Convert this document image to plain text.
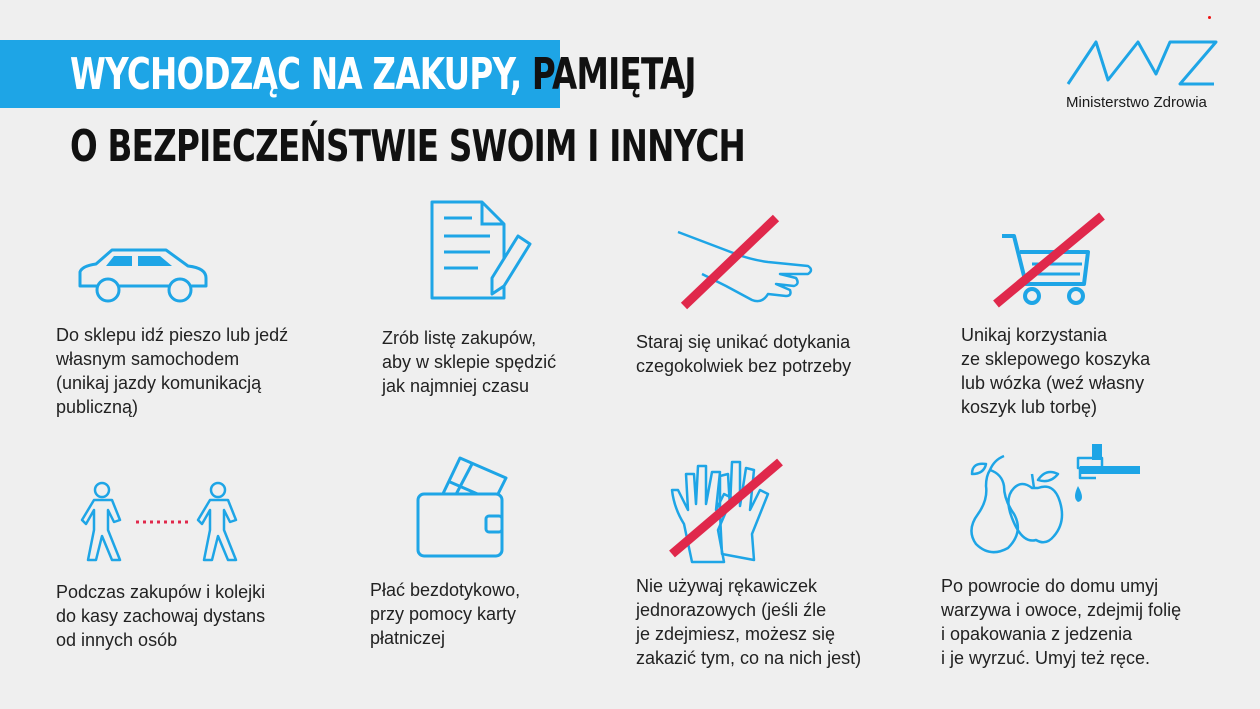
WYCHODZĄC NA ZAKUPY, PAMIĘTAJ
O BEZPIECZEŃSTWIE SWOIM I INNYCH
Ministerstwo Zdrowia
Do sklepu idź pieszo lub jedź
własnym samochodem
(unikaj jazdy komunikacją
publiczną)
Zrób listę zakupów,
aby w sklepie spędzić
jak najmniej czasu
Staraj się unikać dotykania
czegokolwiek bez potrzeby
Unikaj korzystania
ze sklepowego koszyka
lub wózka (weź własny
koszyk lub torbę)
Podczas zakupów i kolejki
do kasy zachowaj dystans
od innych osób
Płać bezdotykowo,
przy pomocy karty
płatniczej
Nie używaj rękawiczek
jednorazowych (jeśli źle
je zdejmiesz, możesz się
zakazić tym, co na nich jest)
Po powrocie do domu umyj
warzywa i owoce, zdejmij folię
i opakowania z jedzenia
i je wyrzuć. Umyj też ręce.
